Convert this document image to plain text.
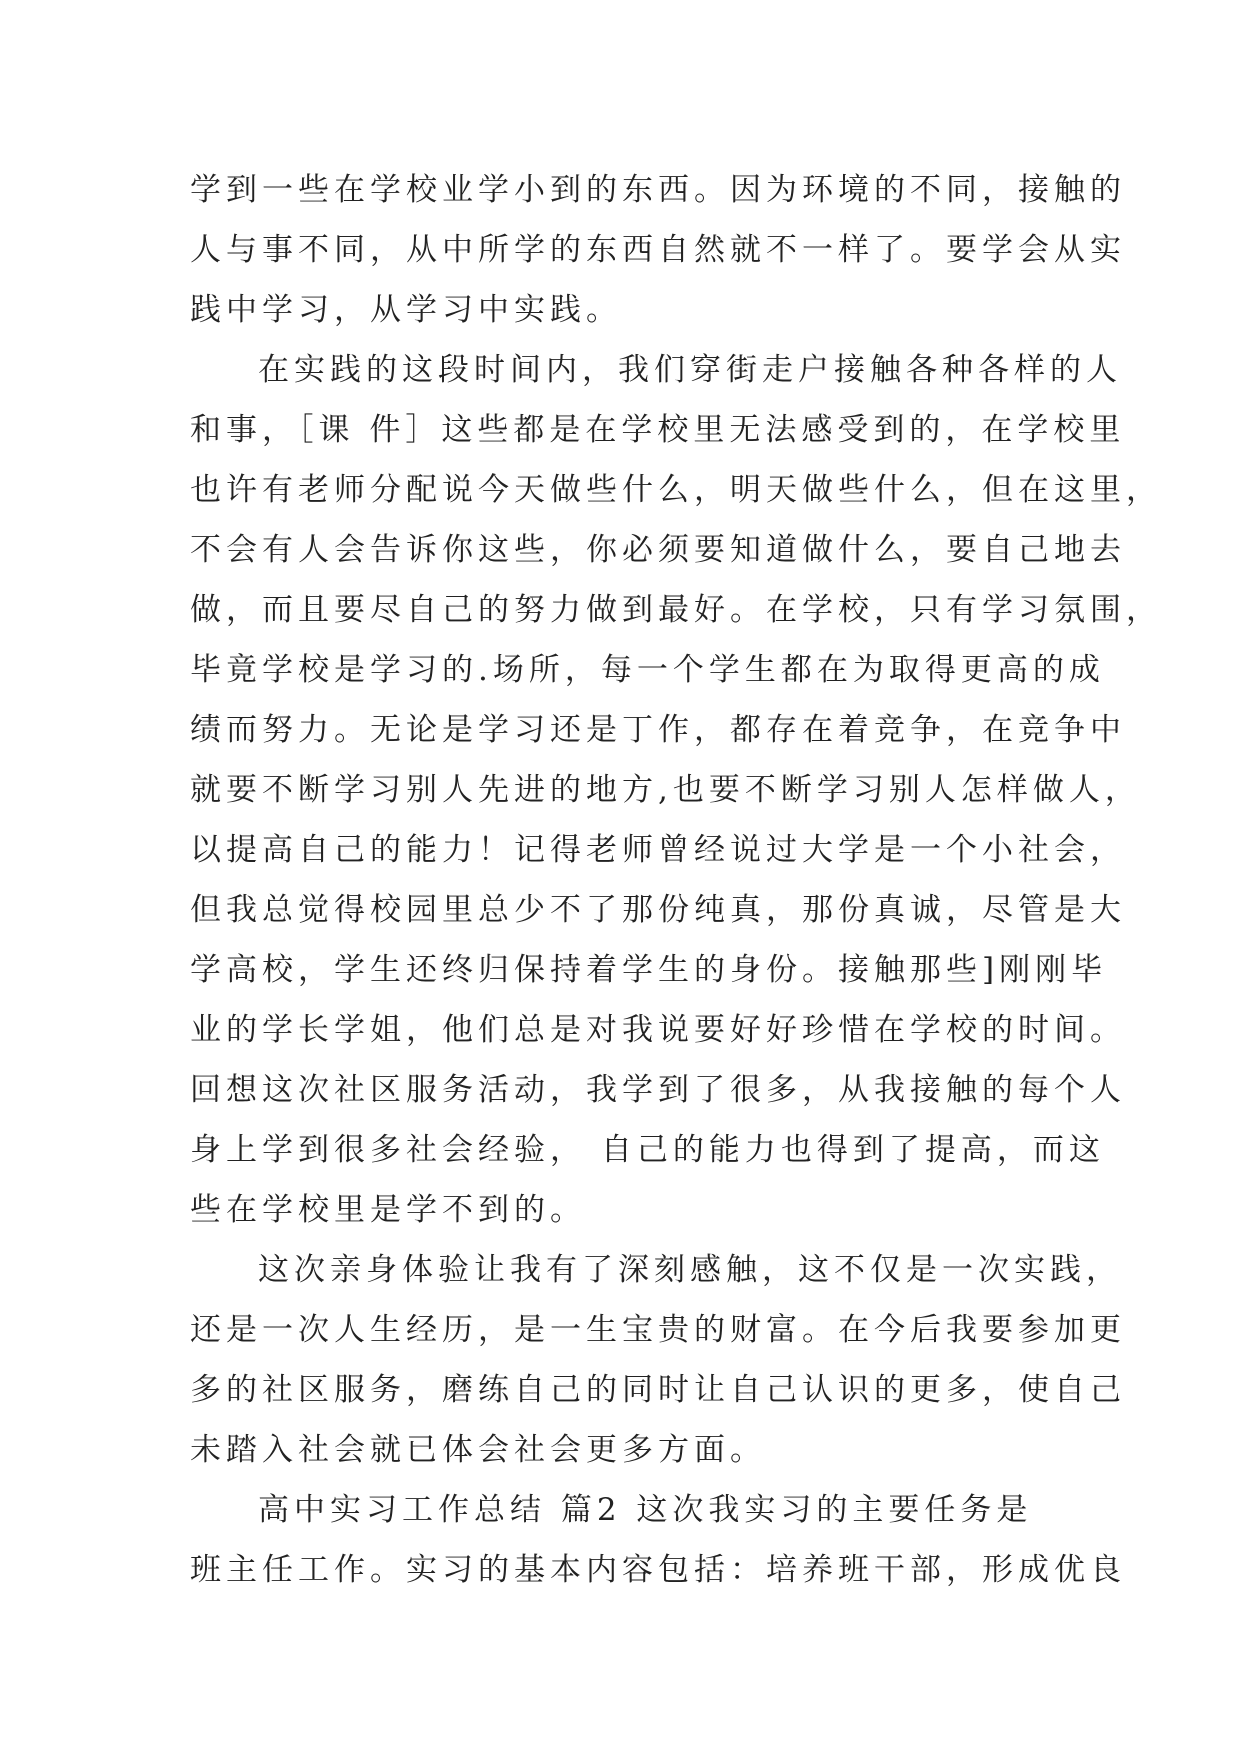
学到一些在学校业学小到的东西。因为环境的不同，接触的
人与事不同，从中所学的东西自然就不一样了。要学会从实
践中学习，从学习中实践。
在实践的这段时间内，我们穿街走户接触各种各样的人
和事，［课 件］这些都是在学校里无法感受到的，在学校里
也许有老师分配说今天做些什么，明天做些什么，但在这里，
不会有人会告诉你这些，你必须要知道做什么，要自己地去
做，而且要尽自己的努力做到最好。在学校，只有学习氛围，
毕竟学校是学习的.场所，每一个学生都在为取得更高的成
绩而努力。无论是学习还是丁作，都存在着竞争，在竞争中
就要不断学习别人先进的地方,也要不断学习别人怎样做人，
以提高自己的能力！记得老师曾经说过大学是一个小社会，
但我总觉得校园里总少不了那份纯真，那份真诚，尽管是大
学高校，学生还终归保持着学生的身份。接触那些]刚刚毕
业的学长学姐，他们总是对我说要好好珍惜在学校的时间。
回想这次社区服务活动，我学到了很多，从我接触的每个人
身上学到很多社会经验， 自己的能力也得到了提高，而这
些在学校里是学不到的。
这次亲身体验让我有了深刻感触，这不仅是一次实践，
还是一次人生经历，是一生宝贵的财富。在今后我要参加更
多的社区服务，磨练自己的同时让自己认识的更多，使自己
未踏入社会就已体会社会更多方面。
高中实习工作总结 篇2 这次我实习的主要任务是
班主任工作。实习的基本内容包括：培养班干部，形成优良
